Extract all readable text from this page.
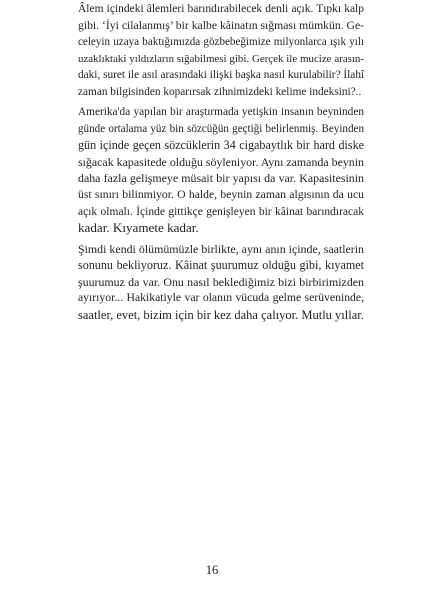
Âlem içindeki âlemleri barındırabilecek denli açık. Tıpkı kalp
gibi. ‘İyi cilalanmış’ bir kalbe kâinatın sığması mümkün. Ge-
celeyin uzaya baktığımızda gözbebeğimize milyonlarca ışık yılı
uzaklıktaki yıldızların sığabilmesi gibi. Gerçek ile mucize arasın-
daki, suret ile asıl arasındaki ilişki başka nasıl kurulabilir? İlahî
zaman bilgisinden koparırsak zihnimizdeki kelime indeksini?..
Amerika'da yapılan bir araştırmada yetişkin insanın beyninden
günde ortalama yüz bin sözcüğün geçtiği belirlenmiş. Beyinden
gün içinde geçen sözcüklerin 34 cigabaytlık bir hard diske
sığacak kapasitede olduğu söyleniyor. Aynı zamanda beynin
daha fazla gelişmeye müsait bir yapısı da var. Kapasitesinin
üst sınırı bilinmiyor. O halde, beynin zaman algısının da ucu
açık olmalı. İçinde gittikçe genişleyen bir kâinat barındıracak
kadar. Kıyamete kadar.
Şimdi kendi ölümümüzle birlikte, aynı anın içinde, saatlerin
sonunu bekliyoruz. Kâinat şuurumuz olduğu gibi, kıyamet
şuurumuz da var. Onu nasıl beklediğimiz bizi birbirimizden
ayırıyor... Hakikatiyle var olanın vücuda gelme serüveninde,
saatler, evet, bizim için bir kez daha çalıyor. Mutlu yıllar.
16
